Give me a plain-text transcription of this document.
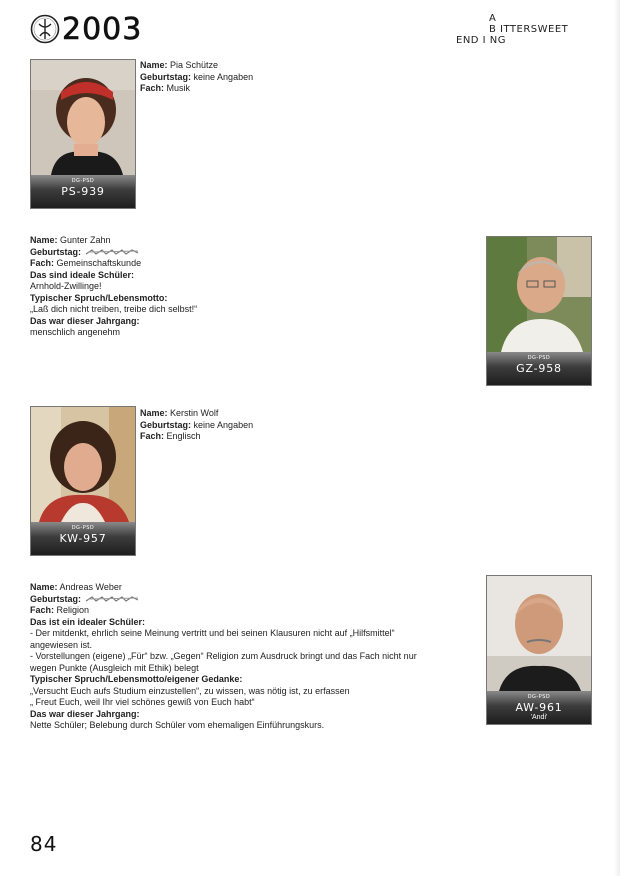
2003	A
B ITTERSWEET
END I NG
DG-PSD
PS-939
Name: Pia Schütze
Geburtstag: keine Angaben
Fach: Musik
Name: Gunter Zahn
Geburtstag:
Fach: Gemeinschaftskunde
Das sind ideale Schüler:
Arnhold-Zwillinge!
Typischer Spruch/Lebensmotto:
„Laß dich nicht treiben, treibe dich selbst!“
Das war dieser Jahrgang:
menschlich angenehm
DG-PSD
GZ-958
DG-PSD
KW-957
Name: Kerstin Wolf
Geburtstag: keine Angaben
Fach: Englisch
Name: Andreas Weber
Geburtstag:
Fach: Religion
Das ist ein idealer Schüler:
- Der mitdenkt, ehrlich seine Meinung vertritt und bei seinen Klausuren nicht auf „Hilfsmittel“
angewiesen ist.
- Vorstellungen (eigene) „Für“ bzw. „Gegen“ Religion zum Ausdruck bringt und das Fach nicht nur
wegen Punkte (Ausgleich mit Ethik) belegt
Typischer Spruch/Lebensmotto/eigener Gedanke:
„Versucht Euch aufs Studium einzustellen“, zu wissen, was nötig ist, zu erfassen
„ Freut Euch, weil Ihr viel schönes gewiß von Euch habt“
Das war dieser Jahrgang:
Nette Schüler; Belebung durch Schüler vom ehemaligen Einführungskurs.
DG-PSD
AW-961
'Andi'
84
